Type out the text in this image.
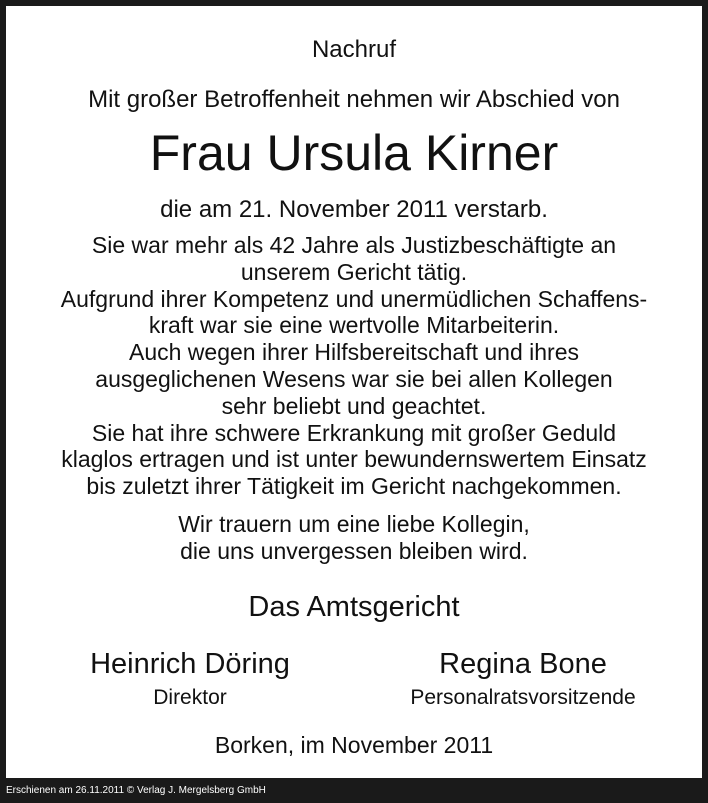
Nachruf

Mit großer Betroffenheit nehmen wir Abschied von

Frau Ursula Kirner

die am 21. November 2011 verstarb.

Sie war mehr als 42 Jahre als Justizbeschäftigte an
unserem Gericht tätig.
Aufgrund ihrer Kompetenz und unermüdlichen Schaffens-
kraft war sie eine wertvolle Mitarbeiterin.
Auch wegen ihrer Hilfsbereitschaft und ihres
ausgeglichenen Wesens war sie bei allen Kollegen
sehr beliebt und geachtet.
Sie hat ihre schwere Erkrankung mit großer Geduld
klaglos ertragen und ist unter bewundernswertem Einsatz
bis zuletzt ihrer Tätigkeit im Gericht nachgekommen.
Wir trauern um eine liebe Kollegin,
die uns unvergessen bleiben wird.

Das Amtsgericht

Heinrich Döring
Direktor
Regina Bone
Personalratsvorsitzende

Borken, im November 2011

Erschienen am 26.11.2011 © Verlag J. Mergelsberg GmbH
